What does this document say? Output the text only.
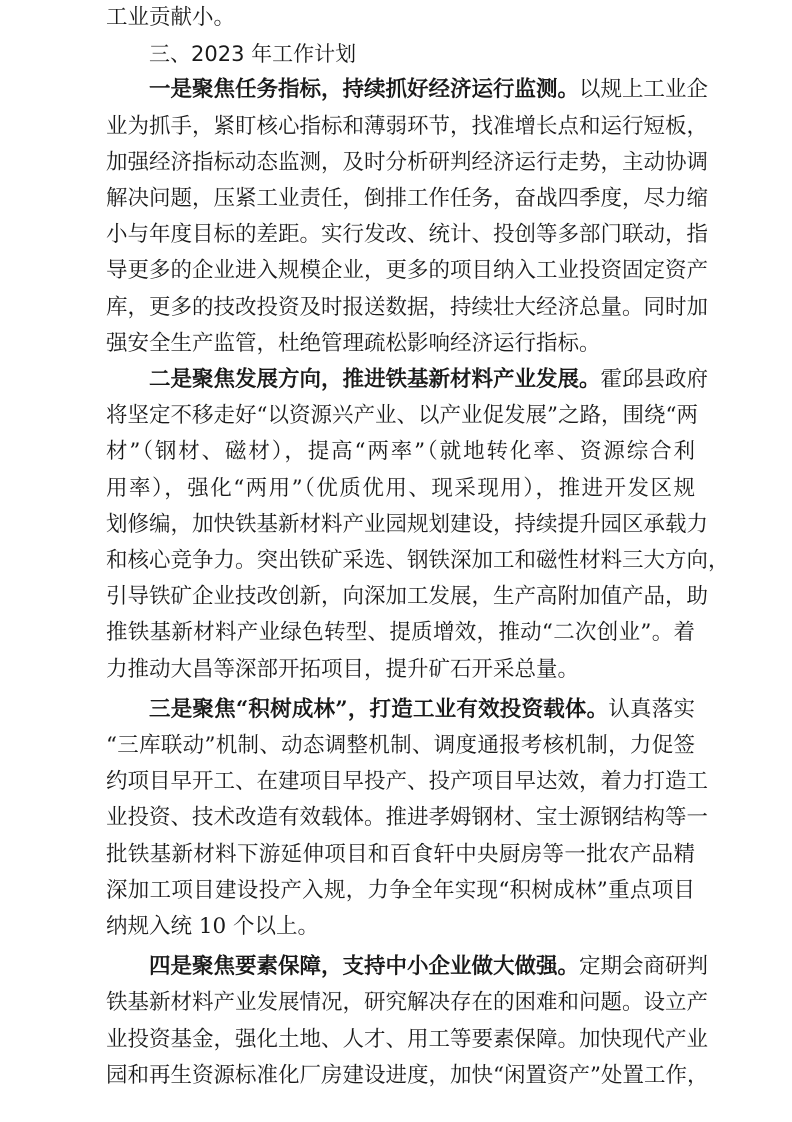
工业贡献小。
三、2023 年工作计划
一是聚焦任务指标，持续抓好经济运行监测。以规上工业企
业为抓手，紧盯核心指标和薄弱环节，找准增长点和运行短板，
加强经济指标动态监测，及时分析研判经济运行走势，主动协调
解决问题，压紧工业责任，倒排工作任务，奋战四季度，尽力缩
小与年度目标的差距。实行发改、统计、投创等多部门联动，指
导更多的企业进入规模企业，更多的项目纳入工业投资固定资产
库，更多的技改投资及时报送数据，持续壮大经济总量。同时加
强安全生产监管，杜绝管理疏松影响经济运行指标。
二是聚焦发展方向，推进铁基新材料产业发展。霍邱县政府
将坚定不移走好“以资源兴产业、以产业促发展”之路，围绕“两
材”（钢材、磁材），提高“两率”（就地转化率、资源综合利
用率），强化“两用”（优质优用、现采现用），推进开发区规
划修编，加快铁基新材料产业园规划建设，持续提升园区承载力
和核心竞争力。突出铁矿采选、钢铁深加工和磁性材料三大方向，
引导铁矿企业技改创新，向深加工发展，生产高附加值产品，助
推铁基新材料产业绿色转型、提质增效，推动“二次创业”。着
力推动大昌等深部开拓项目，提升矿石开采总量。
三是聚焦“积树成林”，打造工业有效投资载体。认真落实
“三库联动”机制、动态调整机制、调度通报考核机制，力促签
约项目早开工、在建项目早投产、投产项目早达效，着力打造工
业投资、技术改造有效载体。推进孝姆钢材、宝士源钢结构等一
批铁基新材料下游延伸项目和百食轩中央厨房等一批农产品精
深加工项目建设投产入规，力争全年实现“积树成林”重点项目
纳规入统 10 个以上。
四是聚焦要素保障，支持中小企业做大做强。定期会商研判
铁基新材料产业发展情况，研究解决存在的困难和问题。设立产
业投资基金，强化土地、人才、用工等要素保障。加快现代产业
园和再生资源标准化厂房建设进度，加快“闲置资产”处置工作，
